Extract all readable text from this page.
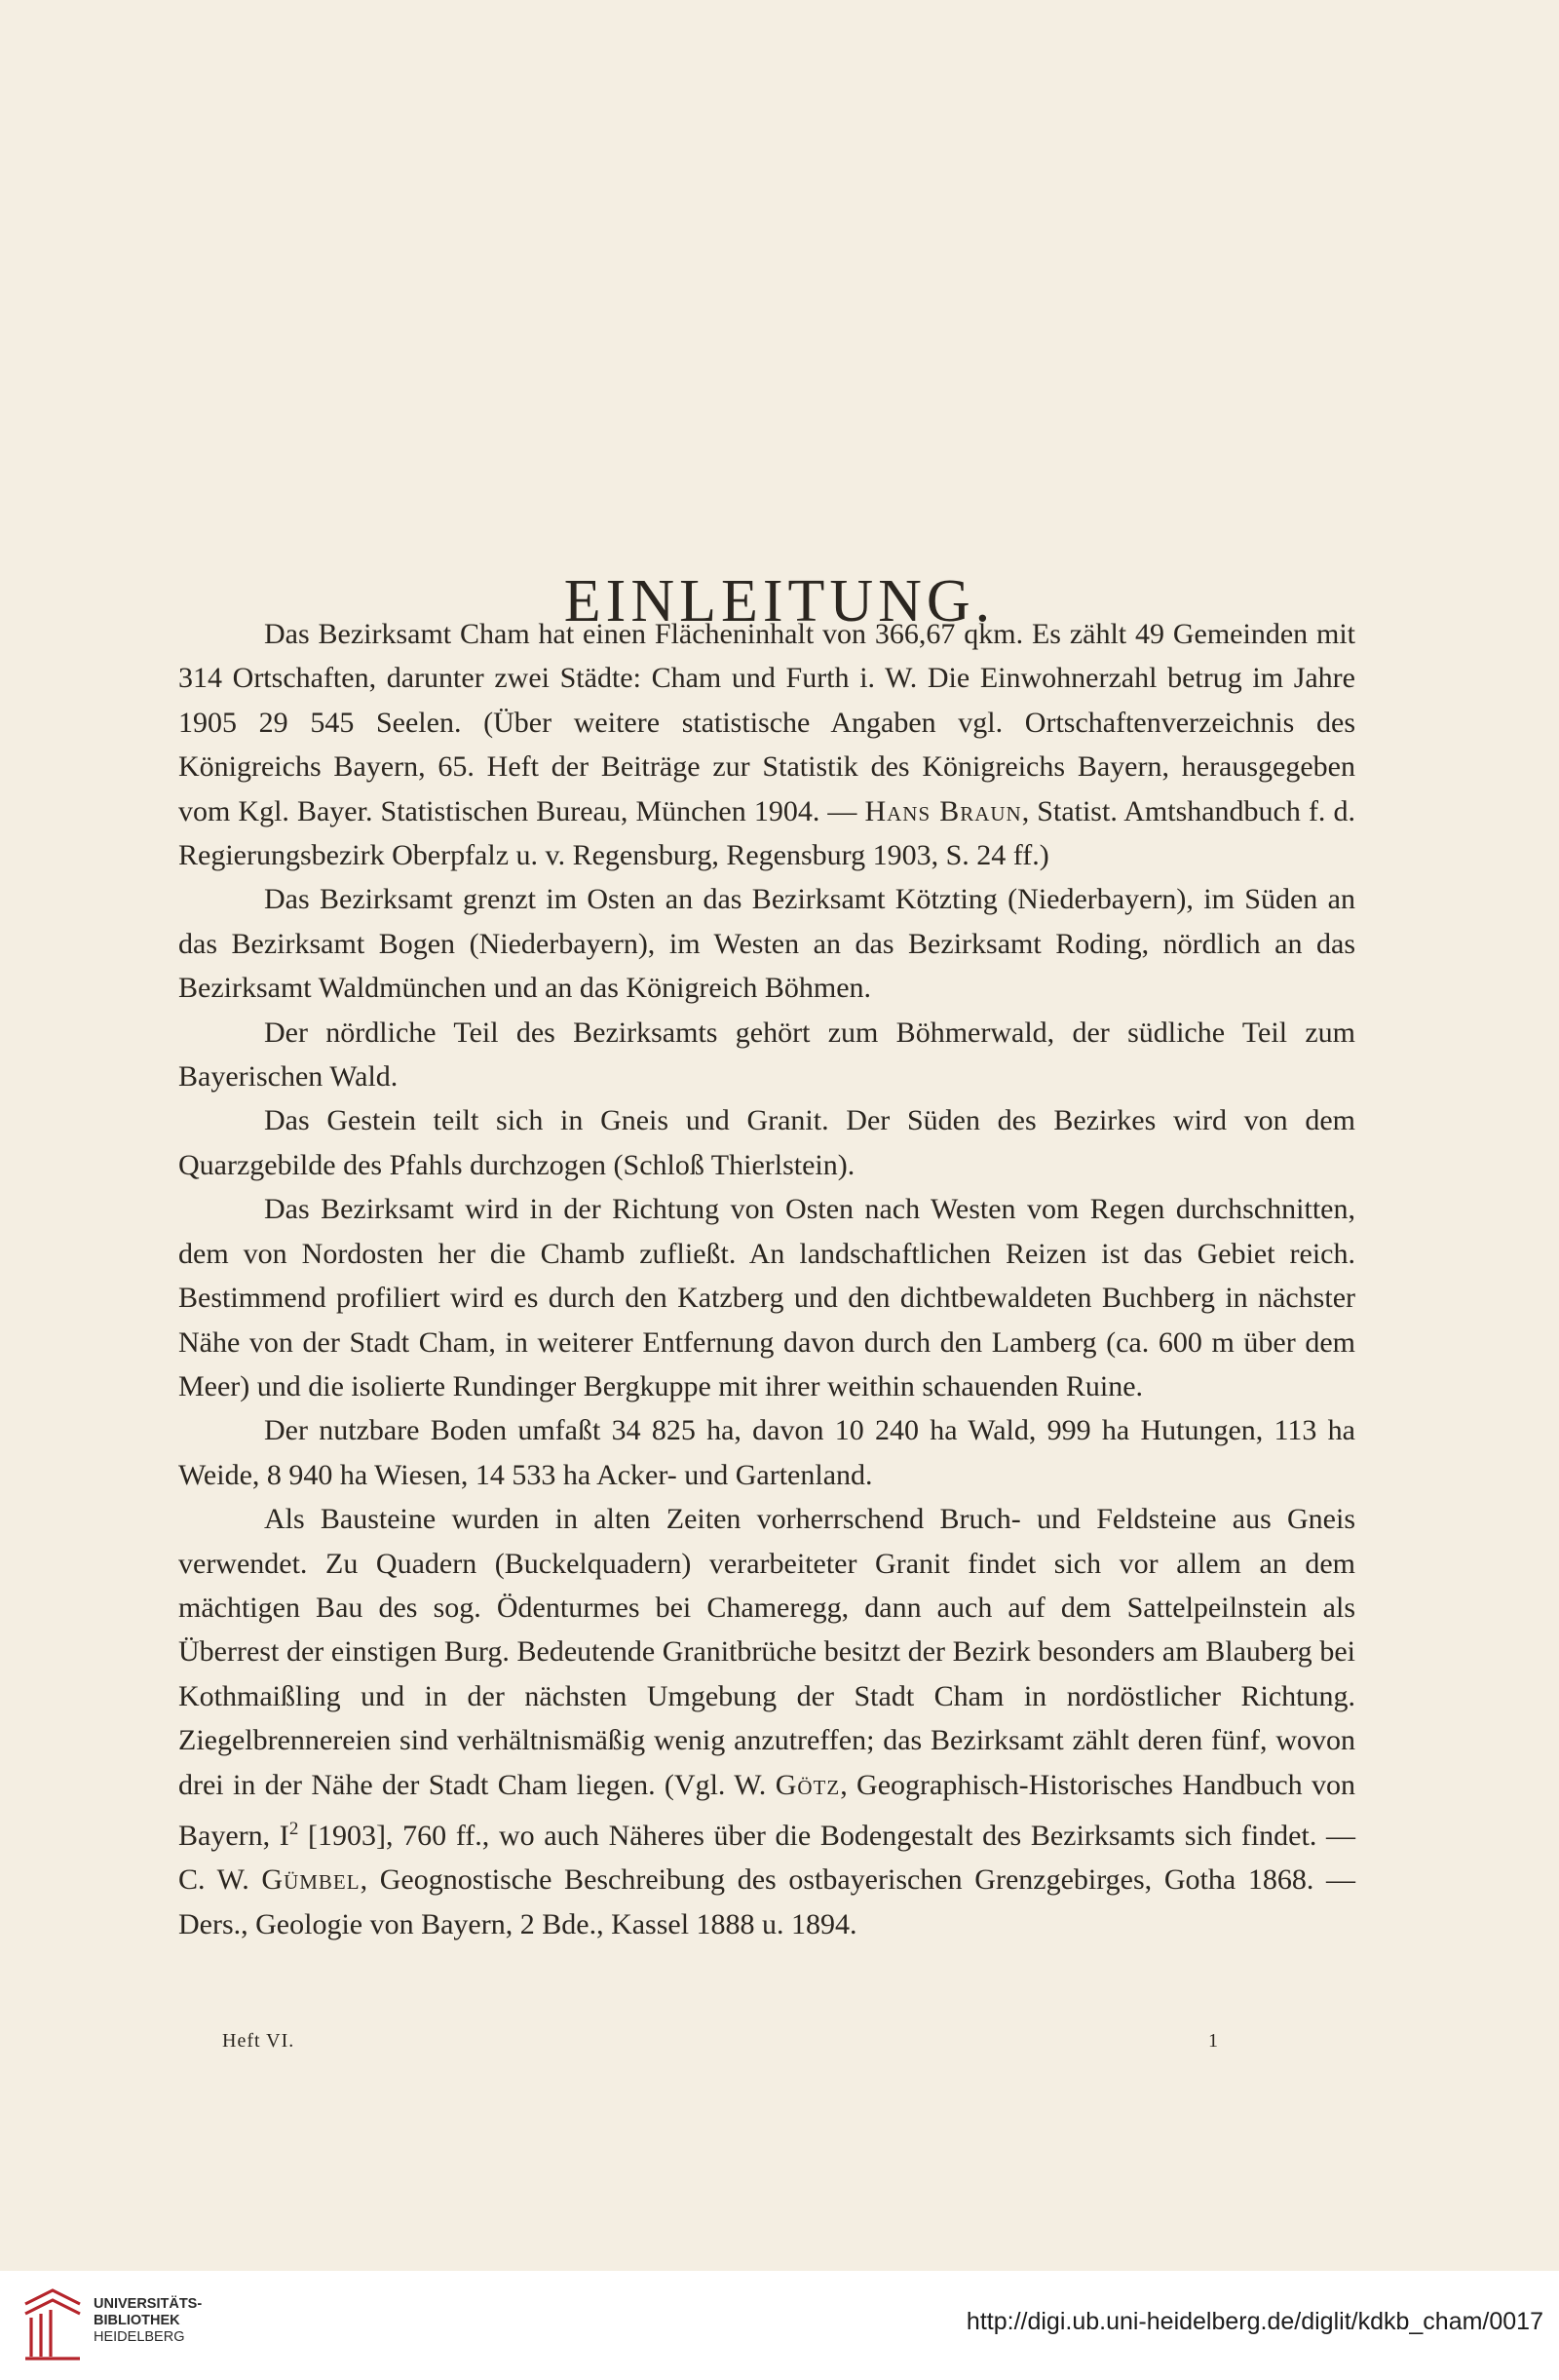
EINLEITUNG.

Das Bezirksamt Cham hat einen Flächeninhalt von 366,67 qkm. Es zählt 49 Gemeinden mit 314 Ortschaften, darunter zwei Städte: Cham und Furth i. W. Die Einwohnerzahl betrug im Jahre 1905 29 545 Seelen. (Über weitere statistische Angaben vgl. Ortschaftenverzeichnis des Königreichs Bayern, 65. Heft der Beiträge zur Statistik des Königreichs Bayern, herausgegeben vom Kgl. Bayer. Statistischen Bureau, München 1904. — Hans Braun, Statist. Amtshandbuch f. d. Regierungsbezirk Oberpfalz u. v. Regensburg, Regensburg 1903, S. 24 ff.)

Das Bezirksamt grenzt im Osten an das Bezirksamt Kötzting (Niederbayern), im Süden an das Bezirksamt Bogen (Niederbayern), im Westen an das Bezirksamt Roding, nördlich an das Bezirksamt Waldmünchen und an das Königreich Böhmen.

Der nördliche Teil des Bezirksamts gehört zum Böhmerwald, der südliche Teil zum Bayerischen Wald.

Das Gestein teilt sich in Gneis und Granit. Der Süden des Bezirkes wird von dem Quarzgebilde des Pfahls durchzogen (Schloß Thierlstein).

Das Bezirksamt wird in der Richtung von Osten nach Westen vom Regen durchschnitten, dem von Nordosten her die Chamb zufließt. An landschaftlichen Reizen ist das Gebiet reich. Bestimmend profiliert wird es durch den Katzberg und den dichtbewaldeten Buchberg in nächster Nähe von der Stadt Cham, in weiterer Entfernung davon durch den Lamberg (ca. 600 m über dem Meer) und die isolierte Rundinger Bergkuppe mit ihrer weithin schauenden Ruine.

Der nutzbare Boden umfaßt 34 825 ha, davon 10 240 ha Wald, 999 ha Hutungen, 113 ha Weide, 8 940 ha Wiesen, 14 533 ha Acker- und Gartenland.

Als Bausteine wurden in alten Zeiten vorherrschend Bruch- und Feldsteine aus Gneis verwendet. Zu Quadern (Buckelquadern) verarbeiteter Granit findet sich vor allem an dem mächtigen Bau des sog. Ödenturmes bei Chameregg, dann auch auf dem Sattelpeilnstein als Überrest der einstigen Burg. Bedeutende Granitbrüche besitzt der Bezirk besonders am Blauberg bei Kothmaißling und in der nächsten Umgebung der Stadt Cham in nordöstlicher Richtung. Ziegelbrennereien sind verhältnismäßig wenig anzutreffen; das Bezirksamt zählt deren fünf, wovon drei in der Nähe der Stadt Cham liegen. (Vgl. W. Götz, Geographisch-Historisches Handbuch von Bayern, $I^2$ [1903], 760 ff., wo auch Näheres über die Bodengestalt des Bezirksamts sich findet. — C. W. Gümbel, Geognostische Beschreibung des ostbayerischen Grenzgebirges, Gotha 1868. — Ders., Geologie von Bayern, 2 Bde., Kassel 1888 u. 1894.

Heft VI.	1
UNIVERSITÄTS-
BIBLIOTHEK
HEIDELBERG
http://digi.ub.uni-heidelberg.de/diglit/kdkb_cham/0017
